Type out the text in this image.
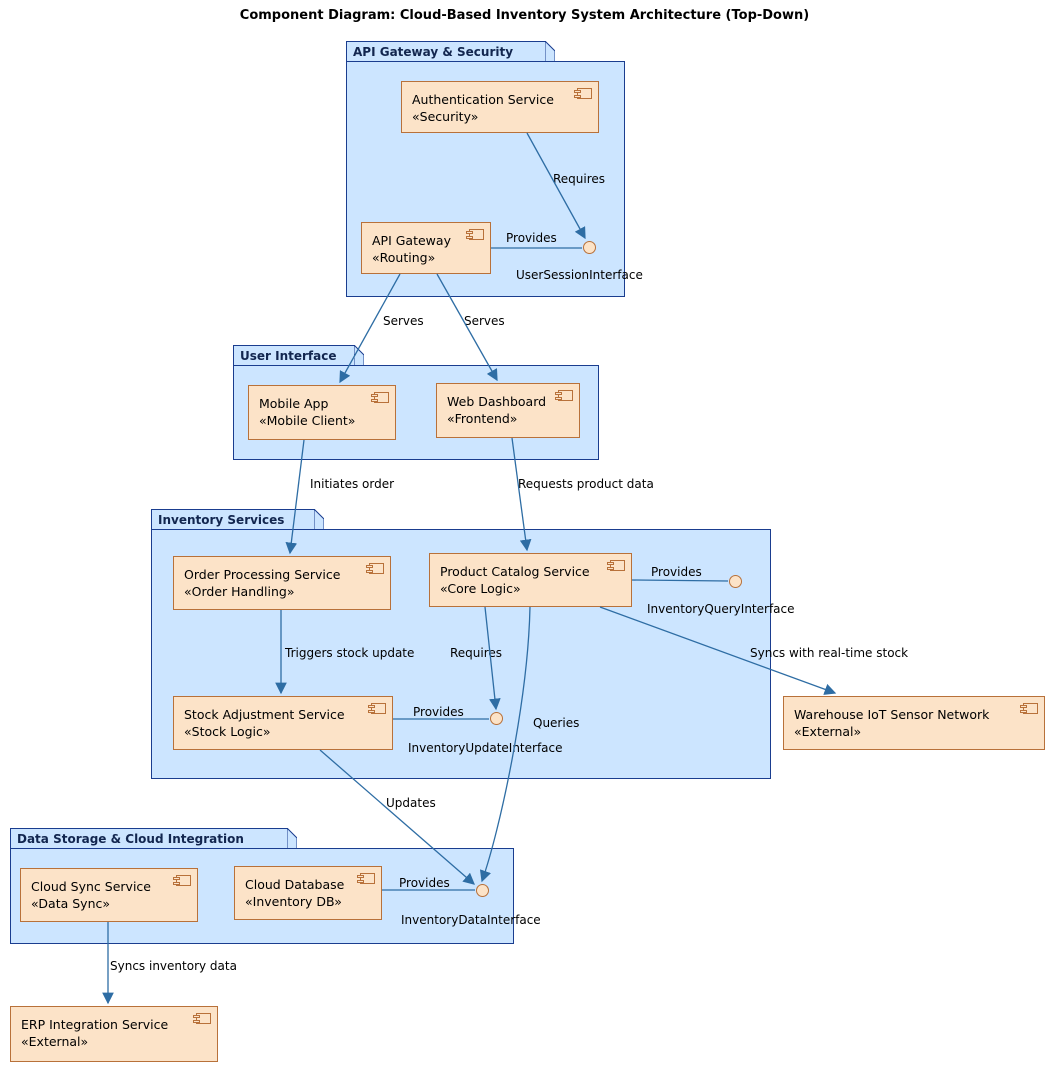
Component Diagram: Cloud-Based Inventory System Architecture (Top-Down)
API Gateway & Security
Authentication Service
«Security»
API Gateway
«Routing»
UserSessionInterface
Requires
Provides
User Interface
Mobile App
«Mobile Client»
Web Dashboard
«Frontend»
Serves	Serves
Inventory Services
Order Processing Service
«Order Handling»
Product Catalog Service
«Core Logic»
Stock Adjustment Service
«Stock Logic»
Warehouse IoT Sensor Network
«External»
InventoryQueryInterface
Provides
InventoryUpdateInterface
Provides
Triggers stock update	Requires	Syncs with real-time stock
Queries
Initiates order	Requests product data
Data Storage & Cloud Integration
Cloud Sync Service
«Data Sync»
Cloud Database
«Inventory DB»
InventoryDataInterface
Provides
ERP Integration Service
«External»
Syncs inventory data
Updates
